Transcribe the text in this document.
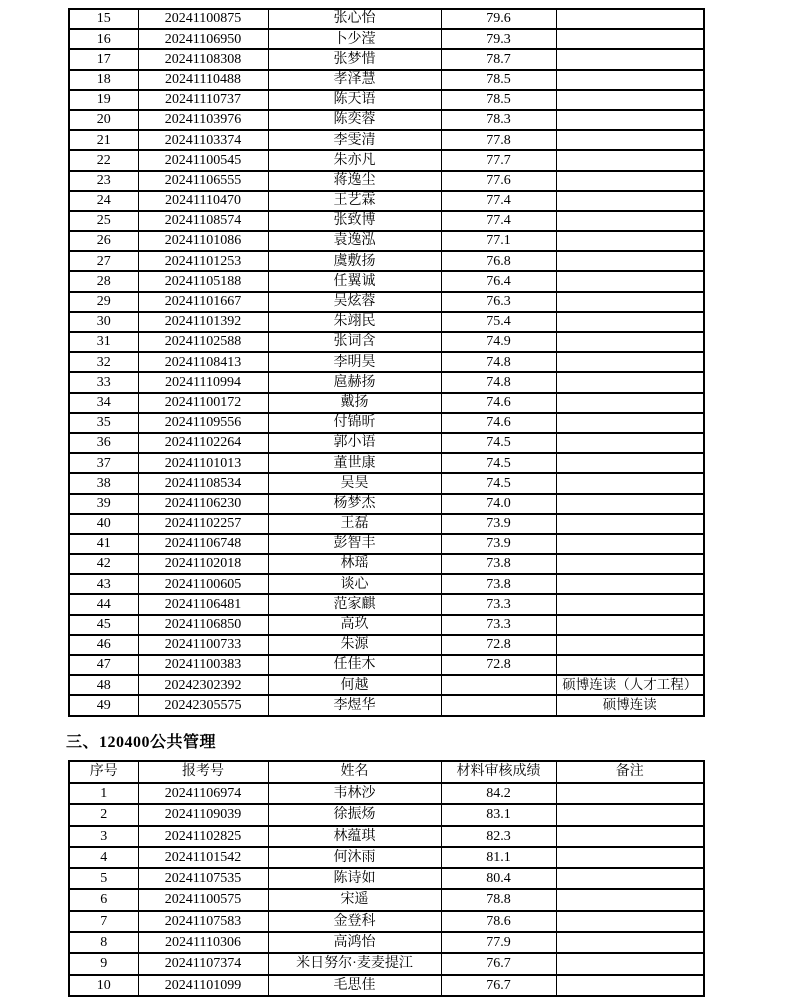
15	20241100875	张心怡	79.6	
16	20241106950	卜少滢	79.3	
17	20241108308	张梦惜	78.7	
18	20241110488	孝泽慧	78.5	
19	20241110737	陈天语	78.5	
20	20241103976	陈奕蓉	78.3	
21	20241103374	李雯清	77.8	
22	20241100545	朱亦凡	77.7	
23	20241106555	蒋逸尘	77.6	
24	20241110470	王艺霖	77.4	
25	20241108574	张致博	77.4	
26	20241101086	袁逸泓	77.1	
27	20241101253	虞敷扬	76.8	
28	20241105188	任翼诚	76.4	
29	20241101667	吴炫蓉	76.3	
30	20241101392	朱翊民	75.4	
31	20241102588	张词含	74.9	
32	20241108413	李明昊	74.8	
33	20241110994	扈赫扬	74.8	
34	20241100172	戴扬	74.6	
35	20241109556	付锦昕	74.6	
36	20241102264	郭小语	74.5	
37	20241101013	董世康	74.5	
38	20241108534	吴昊	74.5	
39	20241106230	杨梦杰	74.0	
40	20241102257	王磊	73.9	
41	20241106748	彭智丰	73.9	
42	20241102018	林瑶	73.8	
43	20241100605	谈心	73.8	
44	20241106481	范家麒	73.3	
45	20241106850	高玖	73.3	
46	20241100733	朱源	72.8	
47	20241100383	任佳木	72.8	
48	20242302392	何越		硕博连读（人才工程）
49	20242305575	李煜华		硕博连读
三、120400公共管理
序号	报考号	姓名	材料审核成绩	备注
1	20241106974	韦林沙	84.2	
2	20241109039	徐振炀	83.1	
3	20241102825	林蕴琪	82.3	
4	20241101542	何沐雨	81.1	
5	20241107535	陈诗如	80.4	
6	20241100575	宋遥	78.8	
7	20241107583	金登科	78.6	
8	20241110306	高鸿怡	77.9	
9	20241107374	米日努尔·麦麦提江	76.7	
10	20241101099	毛思佳	76.7	
